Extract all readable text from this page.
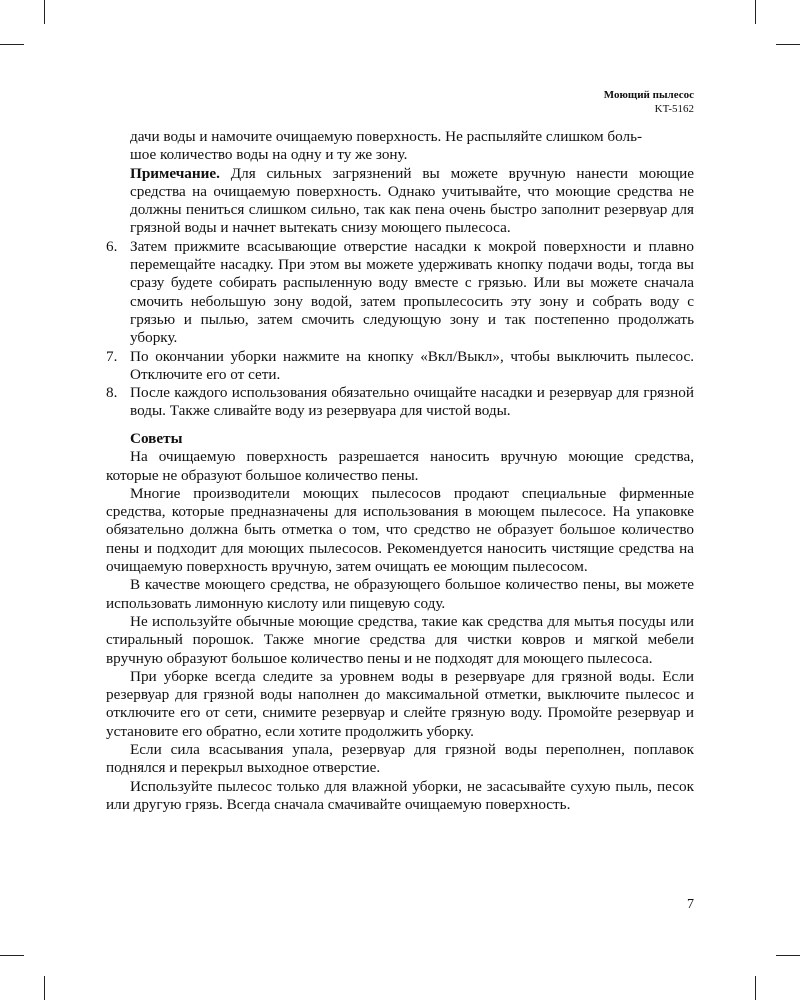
Моющий пылесос
KT-5162

дачи воды и намочите очищаемую поверхность. Не распыляйте слишком боль-

шое количество воды на одну и ту же зону.

Примечание. Для сильных загрязнений вы можете вручную нанести моющие средства на очищаемую поверхность. Однако учитывайте, что моющие средства не должны пениться слишком сильно, так как пена очень быстро заполнит резервуар для грязной воды и начнет вытекать снизу моющего пылесоса.

6. Затем прижмите всасывающие отверстие насадки к мокрой поверхности и плавно перемещайте насадку. При этом вы можете удерживать кнопку подачи воды, тогда вы сразу будете собирать распыленную воду вместе с грязью. Или вы можете сначала смочить небольшую зону водой, затем пропылесосить эту зону и собрать воду с грязью и пылью, затем смочить следующую зону и так постепенно продолжать уборку.

7. По окончании уборки нажмите на кнопку «Вкл/Выкл», чтобы выключить пылесос. Отключите его от сети.

8. После каждого использования обязательно очищайте насадки и резервуар для грязной воды. Также сливайте воду из резервуара для чистой воды.

Советы

На очищаемую поверхность разрешается наносить вручную моющие средства, которые не образуют большое количество пены.

Многие производители моющих пылесосов продают специальные фирменные средства, которые предназначены для использования в моющем пылесосе. На упаковке обязательно должна быть отметка о том, что средство не образует большое количество пены и подходит для моющих пылесосов. Рекомендуется наносить чистящие средства на очищаемую поверхность вручную, затем очищать ее моющим пылесосом.

В качестве моющего средства, не образующего большое количество пены, вы можете использовать лимонную кислоту или пищевую соду.

Не используйте обычные моющие средства, такие как средства для мытья посуды или стиральный порошок. Также многие средства для чистки ковров и мягкой мебели вручную образуют большое количество пены и не подходят для моющего пылесоса.

При уборке всегда следите за уровнем воды в резервуаре для грязной воды. Если резервуар для грязной воды наполнен до максимальной отметки, выключите пылесос и отключите его от сети, снимите резервуар и слейте грязную воду. Промойте резервуар и установите его обратно, если хотите продолжить уборку.

Если сила всасывания упала, резервуар для грязной воды переполнен, поплавок поднялся и перекрыл выходное отверстие.

Используйте пылесос только для влажной уборки, не засасывайте сухую пыль, песок или другую грязь. Всегда сначала смачивайте очищаемую поверхность.

7
